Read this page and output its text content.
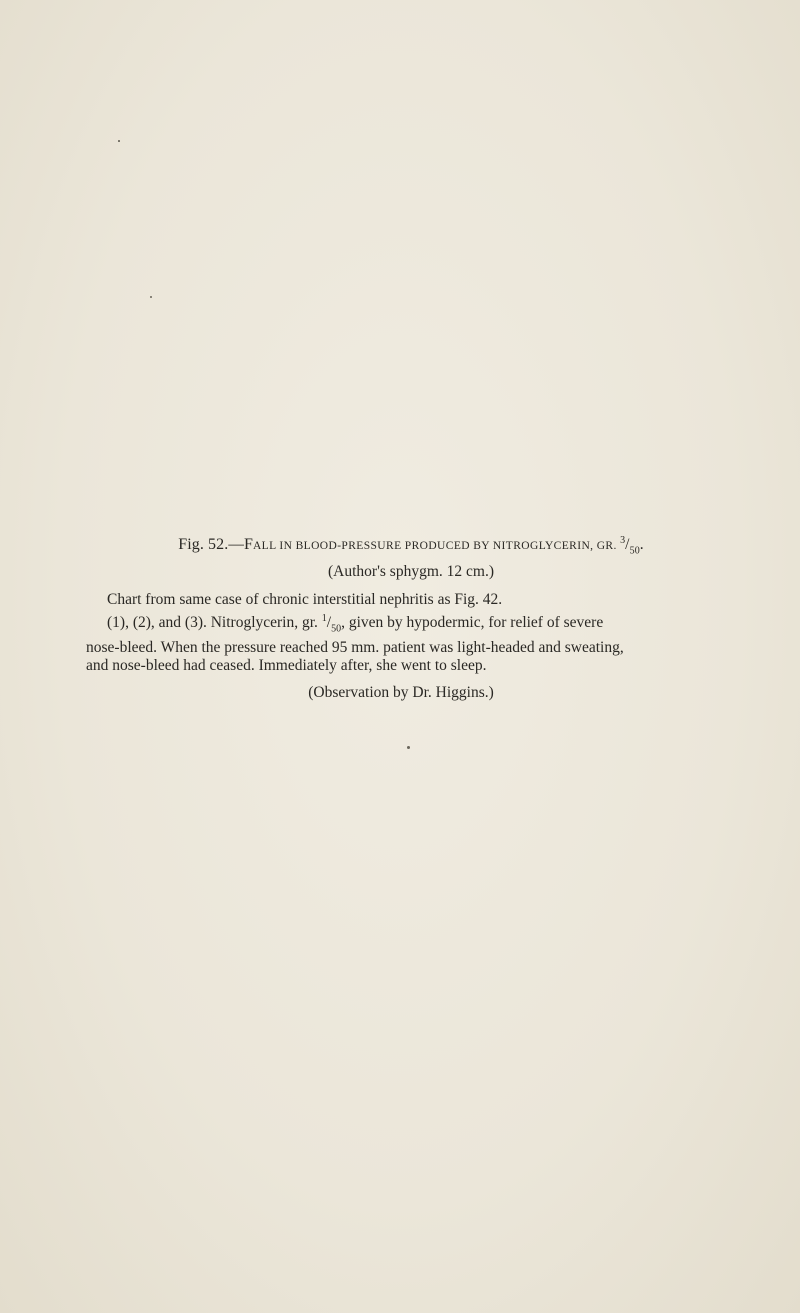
Fig. 52.—FALL IN BLOOD-PRESSURE PRODUCED BY NITROGLYCERIN, GR. $^3/_{50}$.
(Author's sphygm. 12 cm.)

Chart from same case of chronic interstitial nephritis as Fig. 42.
(1), (2), and (3). Nitroglycerin, gr. $^1/_{50}$, given by hypodermic, for relief of severe
nose-bleed. When the pressure reached 95 mm. patient was light-headed and sweating,
and nose-bleed had ceased. Immediately after, she went to sleep.

(Observation by Dr. Higgins.)
